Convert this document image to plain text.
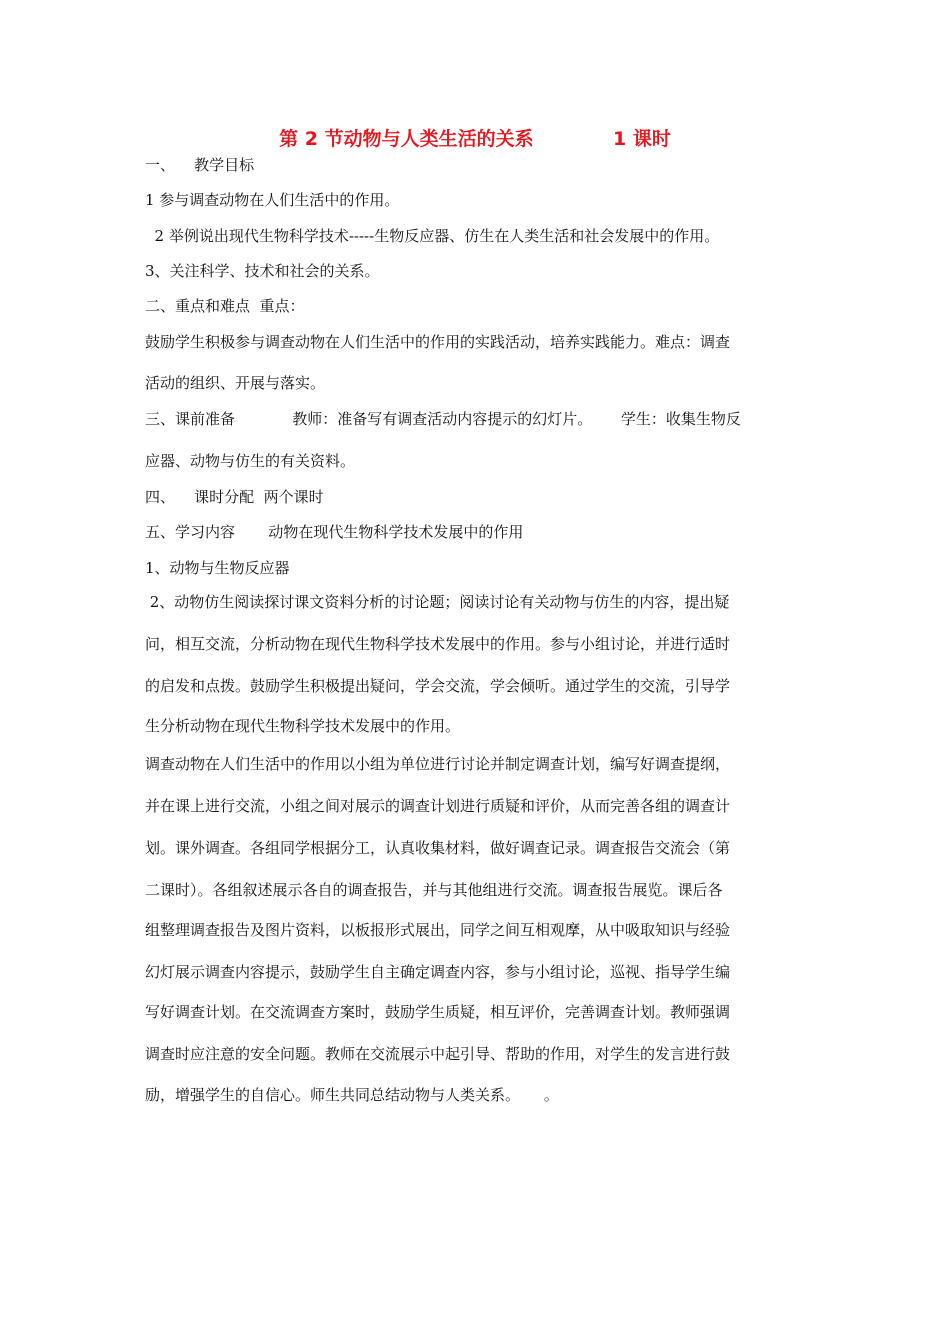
第 2 节动物与人类生活的关系            1 课时
一、    教学目标
1 参与调查动物在人们生活中的作用。
2 举例说出现代生物科学技术-----生物反应器、仿生在人类生活和社会发展中的作用。
3、关注科学、技术和社会的关系。
二、重点和难点  重点：
鼓励学生积极参与调查动物在人们生活中的作用的实践活动，培养实践能力。难点：调查
活动的组织、开展与落实。
三、课前准备            教师：准备写有调查活动内容提示的幻灯片。      学生：收集生物反
应器、动物与仿生的有关资料。
四、    课时分配  两个课时
五、学习内容       动物在现代生物科学技术发展中的作用
1、动物与生物反应器
2、动物仿生阅读探讨课文资料分析的讨论题；阅读讨论有关动物与仿生的内容，提出疑
问，相互交流，分析动物在现代生物科学技术发展中的作用。参与小组讨论，并进行适时
的启发和点拨。鼓励学生积极提出疑问，学会交流，学会倾听。通过学生的交流，引导学
生分析动物在现代生物科学技术发展中的作用。
调查动物在人们生活中的作用以小组为单位进行讨论并制定调查计划，编写好调查提纲，
并在课上进行交流，小组之间对展示的调查计划进行质疑和评价，从而完善各组的调查计
划。课外调查。各组同学根据分工，认真收集材料，做好调查记录。调查报告交流会（第
二课时）。各组叙述展示各自的调查报告，并与其他组进行交流。调查报告展览。课后各
组整理调查报告及图片资料，以板报形式展出，同学之间互相观摩，从中吸取知识与经验
幻灯展示调查内容提示，鼓励学生自主确定调查内容，参与小组讨论，巡视、指导学生编
写好调查计划。在交流调查方案时，鼓励学生质疑，相互评价，完善调查计划。教师强调
调查时应注意的安全问题。教师在交流展示中起引导、帮助的作用，对学生的发言进行鼓
励，增强学生的自信心。师生共同总结动物与人类关系。     。
